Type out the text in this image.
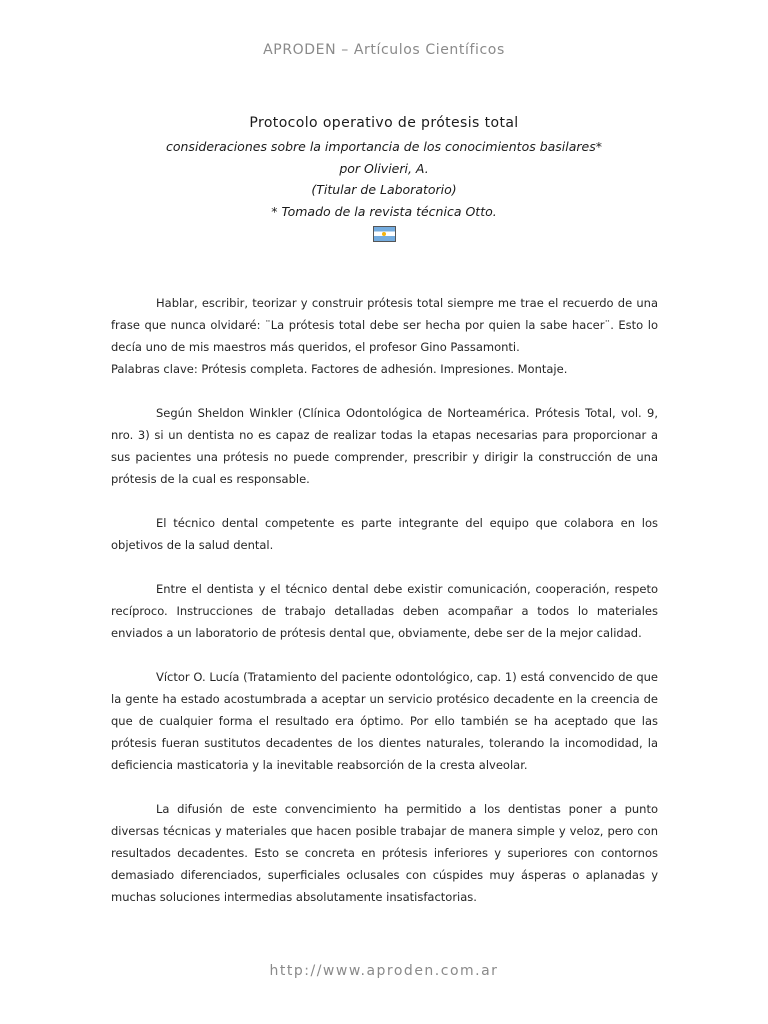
APRODEN – Artículos Científicos
Protocolo operativo de prótesis total
consideraciones sobre la importancia de los conocimientos basilares*
por Olivieri, A.
(Titular de Laboratorio)
* Tomado de la revista técnica Otto.

Hablar, escribir, teorizar y construir prótesis total siempre me trae el recuerdo de una frase que nunca olvidaré: ¨La prótesis total debe ser hecha por quien la sabe hacer¨. Esto lo decía uno de mis maestros más queridos, el profesor Gino Passamonti.

Palabras clave: Prótesis completa. Factores de adhesión. Impresiones. Montaje.

Según Sheldon Winkler (Clínica Odontológica de Norteamérica. Prótesis Total, vol. 9, nro. 3) si un dentista no es capaz de realizar todas la etapas necesarias para proporcionar a sus pacientes una prótesis no puede comprender, prescribir y dirigir la construcción de una prótesis de la cual es responsable.

El técnico dental competente es parte integrante del equipo que colabora en los objetivos de la salud dental.

Entre el dentista y el técnico dental debe existir comunicación, cooperación, respeto recíproco. Instrucciones de trabajo detalladas deben acompañar a todos lo materiales enviados a un laboratorio de prótesis dental que, obviamente, debe ser de la mejor calidad.

Víctor O. Lucía (Tratamiento del paciente odontológico, cap. 1) está convencido de que la gente ha estado acostumbrada a aceptar un servicio protésico decadente en la creencia de que de cualquier forma el resultado era óptimo. Por ello también se ha aceptado que las prótesis fueran sustitutos decadentes de los dientes naturales, tolerando la incomodidad, la deficiencia masticatoria y la inevitable reabsorción de la cresta alveolar.

La difusión de este convencimiento ha permitido a los dentistas poner a punto diversas técnicas y materiales que hacen posible trabajar de manera simple y veloz, pero con resultados decadentes. Esto se concreta en prótesis inferiores y superiores con contornos demasiado diferenciados, superficiales oclusales con cúspides muy ásperas o aplanadas y muchas soluciones intermedias absolutamente insatisfactorias.

http://www.aproden.com.ar
